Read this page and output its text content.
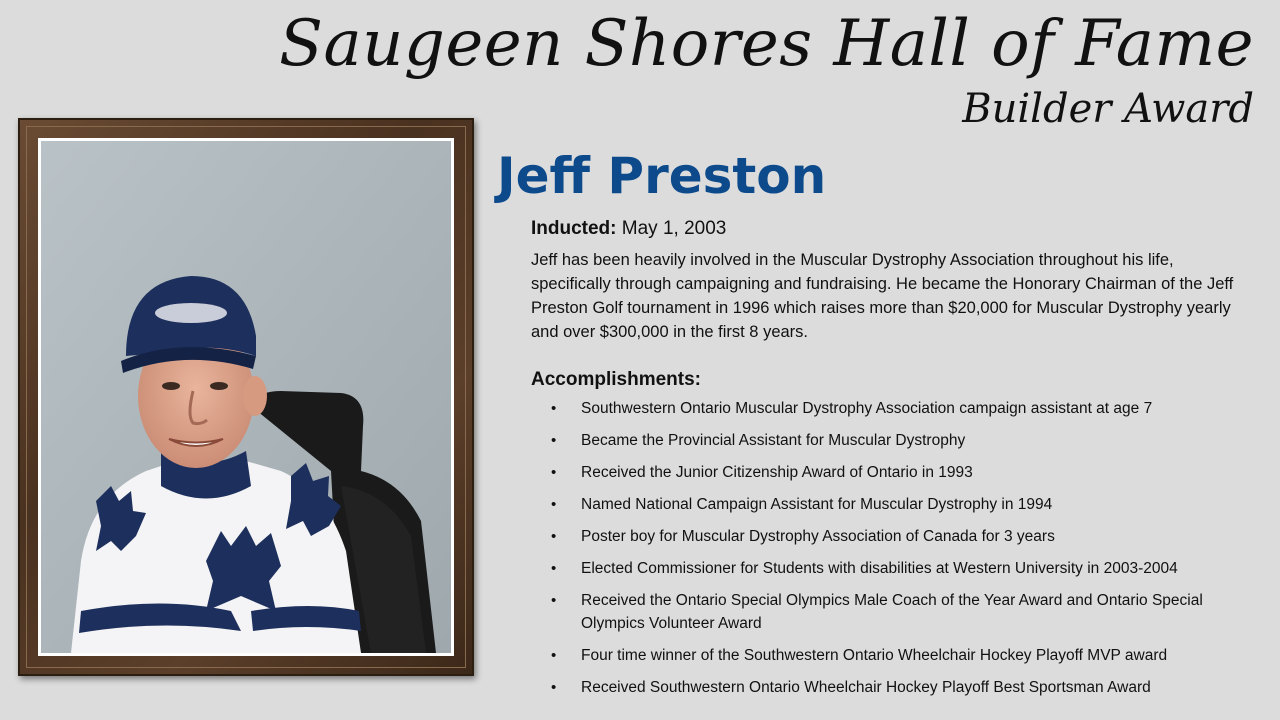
Saugeen Shores Hall of Fame
Builder Award
Jeff Preston
Inducted: May 1, 2003
Jeff has been heavily involved in the Muscular Dystrophy Association throughout his life, specifically through campaigning and fundraising. He became the Honorary Chairman of the Jeff Preston Golf tournament in 1996 which raises more than $20,000 for Muscular Dystrophy yearly and over $300,000 in the first 8 years.
Accomplishments:
• Southwestern Ontario Muscular Dystrophy Association campaign assistant at age 7
• Became the Provincial Assistant for Muscular Dystrophy
• Received the Junior Citizenship Award of Ontario in 1993
• Named National Campaign Assistant for Muscular Dystrophy in 1994
• Poster boy for Muscular Dystrophy Association of Canada for 3 years
• Elected Commissioner for Students with disabilities at Western University in 2003-2004
• Received the Ontario Special Olympics Male Coach of the Year Award and Ontario Special Olympics Volunteer Award
• Four time winner of the Southwestern Ontario Wheelchair Hockey Playoff MVP award
• Received Southwestern Ontario Wheelchair Hockey Playoff Best Sportsman Award
